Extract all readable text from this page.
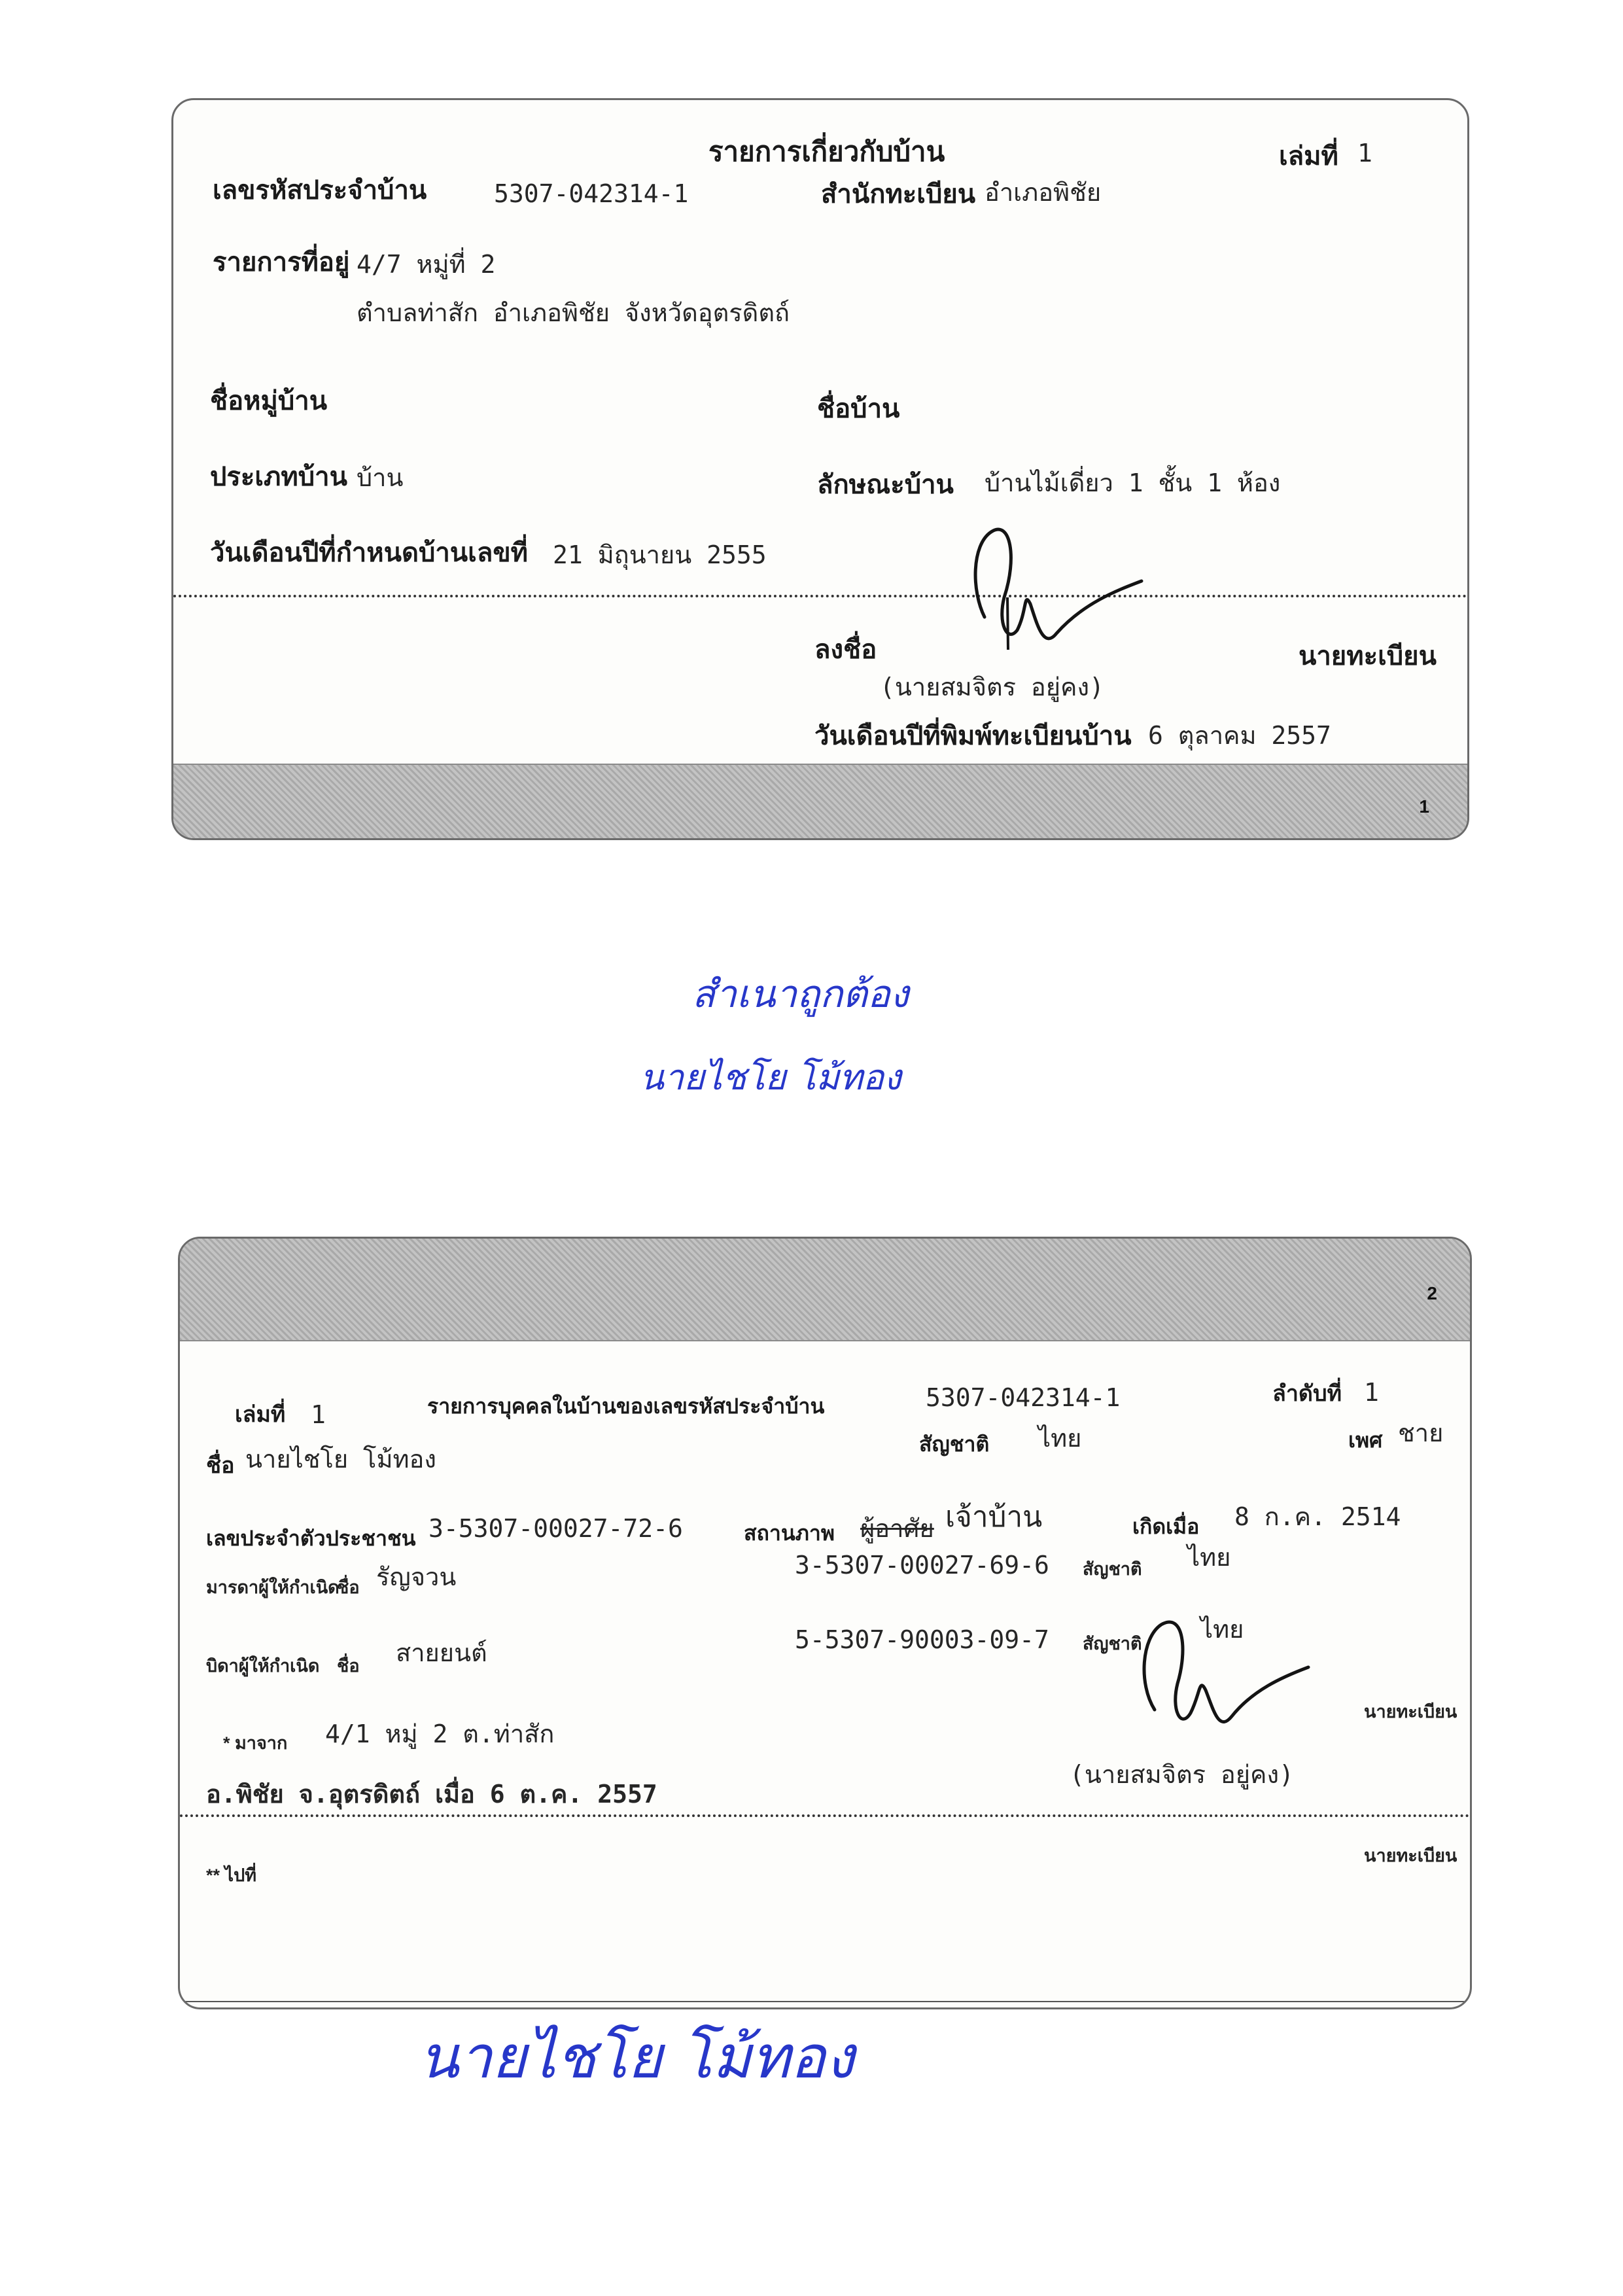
รายการเกี่ยวกับบ้าน	เล่มที่ 1
เลขรหัสประจำบ้าน	5307-042314-1	สำนักทะเบียน อำเภอพิชัย
รายการที่อยู่ 4/7 หมู่ที่ 2
ตำบลท่าสัก อำเภอพิชัย จังหวัดอุตรดิตถ์
ชื่อหมู่บ้าน	ชื่อบ้าน
ประเภทบ้าน บ้าน	ลักษณะบ้าน บ้านไม้เดี่ยว 1 ชั้น 1 ห้อง
วันเดือนปีที่กำหนดบ้านเลขที่ 21 มิถุนายน 2555
ลงชื่อ	นายทะเบียน
(นายสมจิตร อยู่คง)
วันเดือนปีที่พิมพ์ทะเบียนบ้าน 6 ตุลาคม 2557
1
สำเนาถูกต้อง
นายไชโย โม้ทอง
2
เล่มที่ 1	รายการบุคคลในบ้านของเลขรหัสประจำบ้าน	5307-042314-1	ลำดับที่ 1
ชื่อ นายไชโย โม้ทอง
สัญชาติ ไทย	เพศ ชาย
เลขประจำตัวประชาชน 3-5307-00027-72-6	สถานภาพ ผู้อาศัย เจ้าบ้าน	เกิดเมื่อ 8 ก.ค. 2514
มารดาผู้ให้กำเนิด
ชื่อ รัญจวน	3-5307-00027-69-6 สัญชาติ ไทย
บิดาผู้ให้กำเนิด ชื่อ สายยนต์	5-5307-90003-09-7 สัญชาติ ไทย
* มาจาก 4/1 หมู่ 2 ต.ท่าสัก
นายทะเบียน
อ.พิชัย จ.อุตรดิตถ์ เมื่อ 6 ต.ค. 2557
(นายสมจิตร อยู่คง)
นายทะเบียน
** ไปที่
นายไชโย โม้ทอง
